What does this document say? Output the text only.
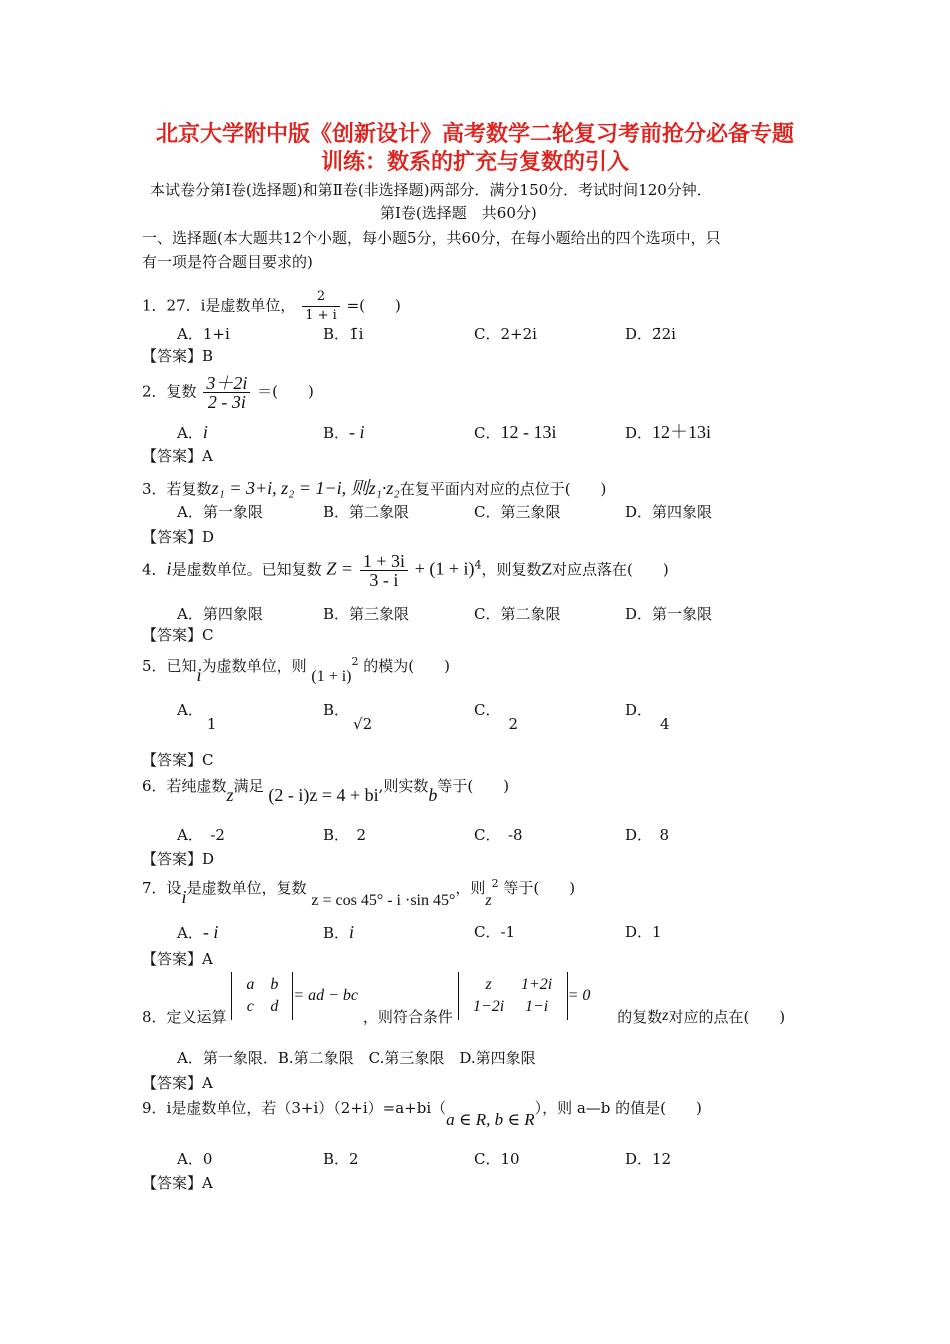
北京大学附中版《创新设计》高考数学二轮复习考前抢分必备专题
训练：数系的扩充与复数的引入
本试卷分第Ⅰ卷(选择题)和第Ⅱ卷(非选择题)两部分．满分150分．考试时间120分钟．
第Ⅰ卷(选择题　共60分)
一、选择题(本大题共12个小题，每小题5分，共60分，在每小题给出的四个选项中，只
有一项是符合题目要求的)
1．27．i是虚数单位， $\frac{2}{1 + i}$ =(　　)
A．1+i	B．1̄i	C．2+2i	D．2̄2i
【答案】B
2．复数 $\frac{3+2i}{2 - 3i}$ ＝(　　)
A．i	B．- i	C．12 - 13i	D．12＋13i
【答案】A
3．若复数z₁ = 3+i, z₂ = 1−i, 则z₁·z₂在复平面内对应的点位于(　　)
A．第一象限	B．第二象限	C．第三象限	D．第四象限
【答案】D
4．i是虚数单位。已知复数 $Z = \frac{1 + 3i}{3 - i} + (1 + i)^4$，则复数Z对应点落在(　　)
A．第四象限	B．第三象限	C．第二象限	D．第一象限
【答案】C
5．已知i为虚数单位，则 $(1 + i)^2$ 的模为(　　)
A．1
B．√2
C．2
D．4
【答案】C
6．若纯虚数z满足 (2 - i)z = 4 + bi,则实数b等于(　　)
A．　-2	B．　2	C．　-8	D．　8
【答案】D
7．设i是虚数单位，复数 z = cos 45° - i ·sin 45°，则$z^2$ 等于(　　)
A．- i	B．i	C．-1	D．1
【答案】A
8．定义运算 a b
c d= ad − bc ，则符合条件 z 1+2i
1−2i 1−i= 0 的复数z对应的点在(　　)
A．第一象限．B.第二象限　C.第三象限　D.第四象限
【答案】A
9．i是虚数单位，若（3+i）（2+i）=a+bi（a ∈ R, b ∈ R），则 a—b 的值是(　　)
A．0	B．2	C．10	D．12
【答案】A
